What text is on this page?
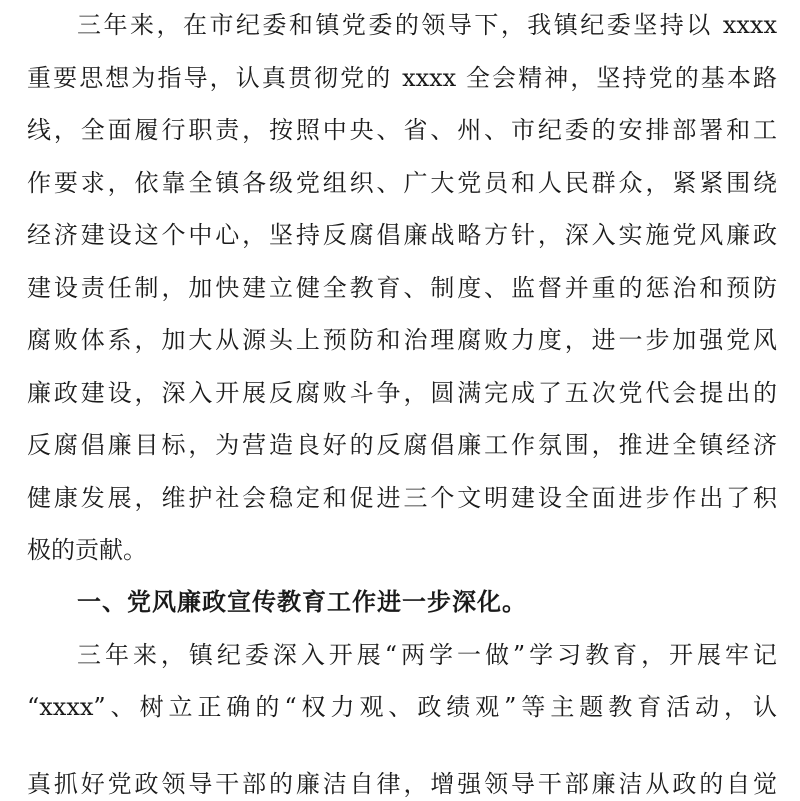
三年来，在市纪委和镇党委的领导下，我镇纪委坚持以 xxxx
重要思想为指导，认真贯彻党的 xxxx 全会精神，坚持党的基本路
线，全面履行职责，按照中央、省、州、市纪委的安排部署和工
作要求，依靠全镇各级党组织、广大党员和人民群众，紧紧围绕
经济建设这个中心，坚持反腐倡廉战略方针，深入实施党风廉政
建设责任制，加快建立健全教育、制度、监督并重的惩治和预防
腐败体系，加大从源头上预防和治理腐败力度，进一步加强党风
廉政建设，深入开展反腐败斗争，圆满完成了五次党代会提出的
反腐倡廉目标，为营造良好的反腐倡廉工作氛围，推进全镇经济
健康发展，维护社会稳定和促进三个文明建设全面进步作出了积
极的贡献。
一、党风廉政宣传教育工作进一步深化。
三年来，镇纪委深入开展“两学一做”学习教育，开展牢记
“xxxx”、树立正确的“权力观、政绩观”等主题教育活动，认
真抓好党政领导干部的廉洁自律，增强领导干部廉洁从政的自觉
